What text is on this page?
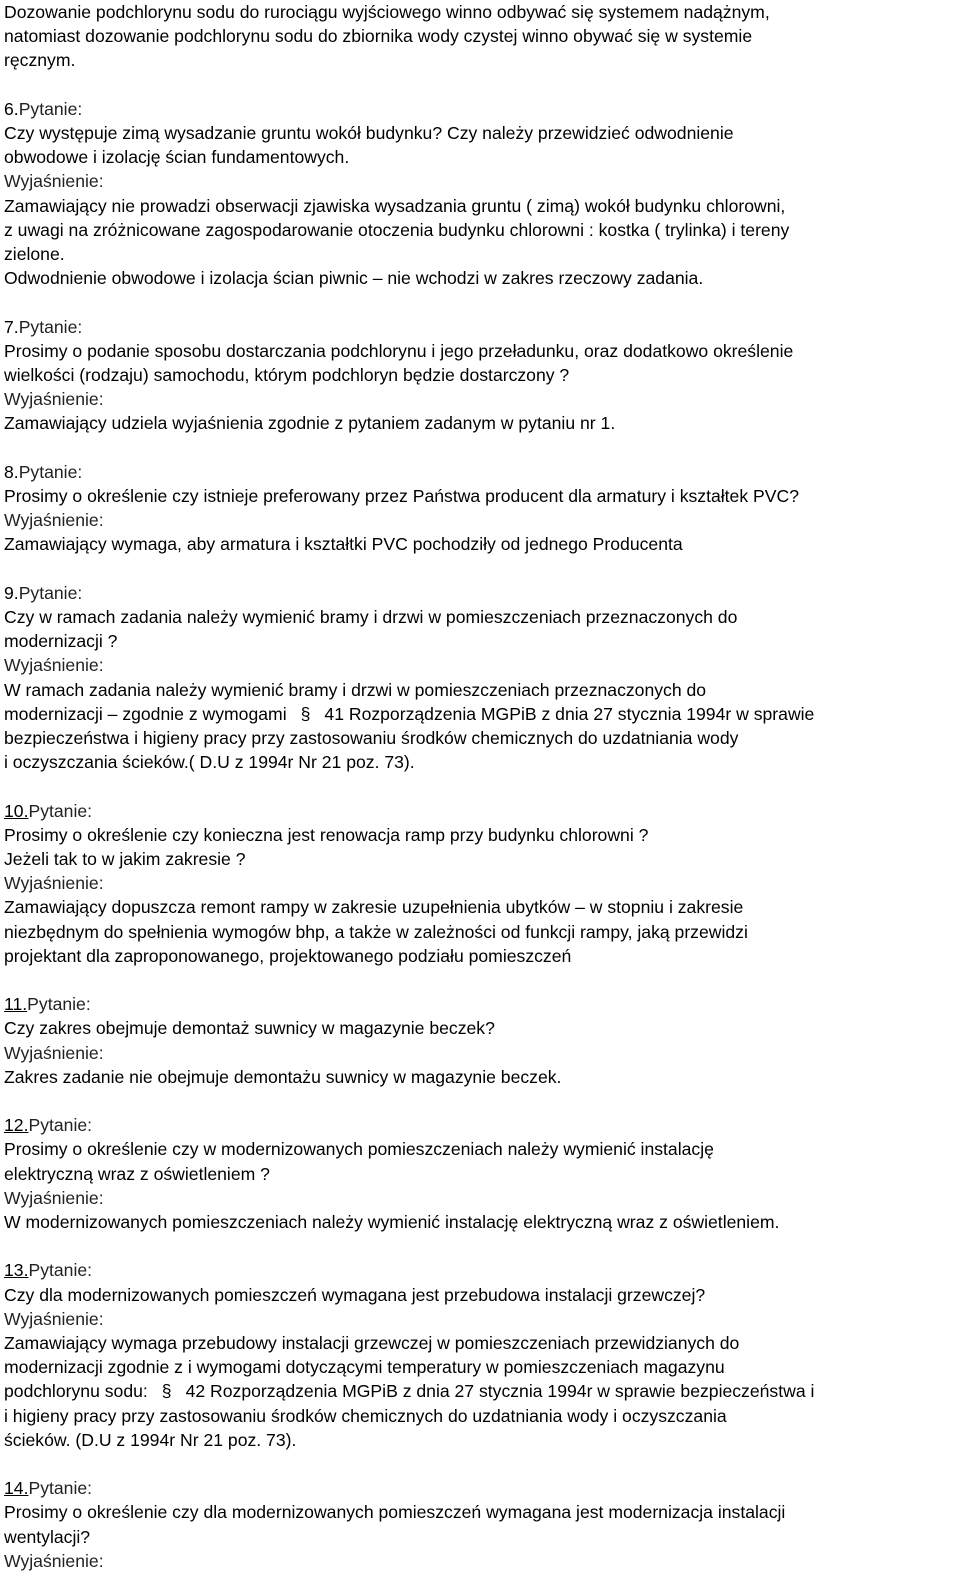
Dozowanie podchlorynu sodu do rurociągu wyjściowego winno odbywać się systemem nadążnym,

natomiast dozowanie podchlorynu sodu do zbiornika wody czystej winno obywać się w systemie

ręcznym.

6.Pytanie:

Czy występuje zimą wysadzanie gruntu wokół budynku? Czy należy przewidzieć odwodnienie

obwodowe i izolację ścian fundamentowych.

Wyjaśnienie:

Zamawiający nie prowadzi obserwacji zjawiska wysadzania gruntu ( zimą) wokół budynku chlorowni,

z uwagi na zróżnicowane zagospodarowanie otoczenia budynku chlorowni : kostka ( trylinka) i tereny

zielone.

Odwodnienie obwodowe i izolacja ścian piwnic – nie wchodzi w zakres rzeczowy zadania.

7.Pytanie:

Prosimy o podanie sposobu dostarczania podchlorynu i jego przeładunku, oraz dodatkowo określenie

wielkości (rodzaju) samochodu, którym podchloryn będzie dostarczony ?

Wyjaśnienie:

Zamawiający udziela wyjaśnienia zgodnie z pytaniem zadanym w pytaniu nr 1.

8.Pytanie:

Prosimy o określenie czy istnieje preferowany przez Państwa producent dla armatury i kształtek PVC?

Wyjaśnienie:

Zamawiający wymaga, aby armatura i kształtki PVC pochodziły od jednego Producenta

9.Pytanie:

Czy w ramach zadania należy wymienić bramy i drzwi w pomieszczeniach przeznaczonych do

modernizacji ?

Wyjaśnienie:

W ramach zadania należy wymienić bramy i drzwi w pomieszczeniach przeznaczonych do

modernizacji – zgodnie z wymogami § 41 Rozporządzenia MGPiB z dnia 27 stycznia 1994r w sprawie

bezpieczeństwa i higieny pracy przy zastosowaniu środków chemicznych do uzdatniania wody

i oczyszczania ścieków.( D.U z 1994r Nr 21 poz. 73).

10.Pytanie:

Prosimy o określenie czy konieczna jest renowacja ramp przy budynku chlorowni ?

Jeżeli tak to w jakim zakresie ?

Wyjaśnienie:

Zamawiający dopuszcza remont rampy w zakresie uzupełnienia ubytków – w stopniu i zakresie

niezbędnym do spełnienia wymogów bhp, a także w zależności od funkcji rampy, jaką przewidzi

projektant dla zaproponowanego, projektowanego podziału pomieszczeń

11.Pytanie:

Czy zakres obejmuje demontaż suwnicy w magazynie beczek?

Wyjaśnienie:

Zakres zadanie nie obejmuje demontażu suwnicy w magazynie beczek.

12.Pytanie:

Prosimy o określenie czy w modernizowanych pomieszczeniach należy wymienić instalację

elektryczną wraz z oświetleniem ?

Wyjaśnienie:

W modernizowanych pomieszczeniach należy wymienić instalację elektryczną wraz z oświetleniem.

13.Pytanie:

Czy dla modernizowanych pomieszczeń wymagana jest przebudowa instalacji grzewczej?

Wyjaśnienie:

Zamawiający wymaga przebudowy instalacji grzewczej w pomieszczeniach przewidzianych do

modernizacji zgodnie z i wymogami dotyczącymi temperatury w pomieszczeniach magazynu

podchlorynu sodu: § 42 Rozporządzenia MGPiB z dnia 27 stycznia 1994r w sprawie bezpieczeństwa i

i higieny pracy przy zastosowaniu środków chemicznych do uzdatniania wody i oczyszczania

ścieków. (D.U z 1994r Nr 21 poz. 73).

14.Pytanie:

Prosimy o określenie czy dla modernizowanych pomieszczeń wymagana jest modernizacja instalacji

wentylacji?

Wyjaśnienie:
